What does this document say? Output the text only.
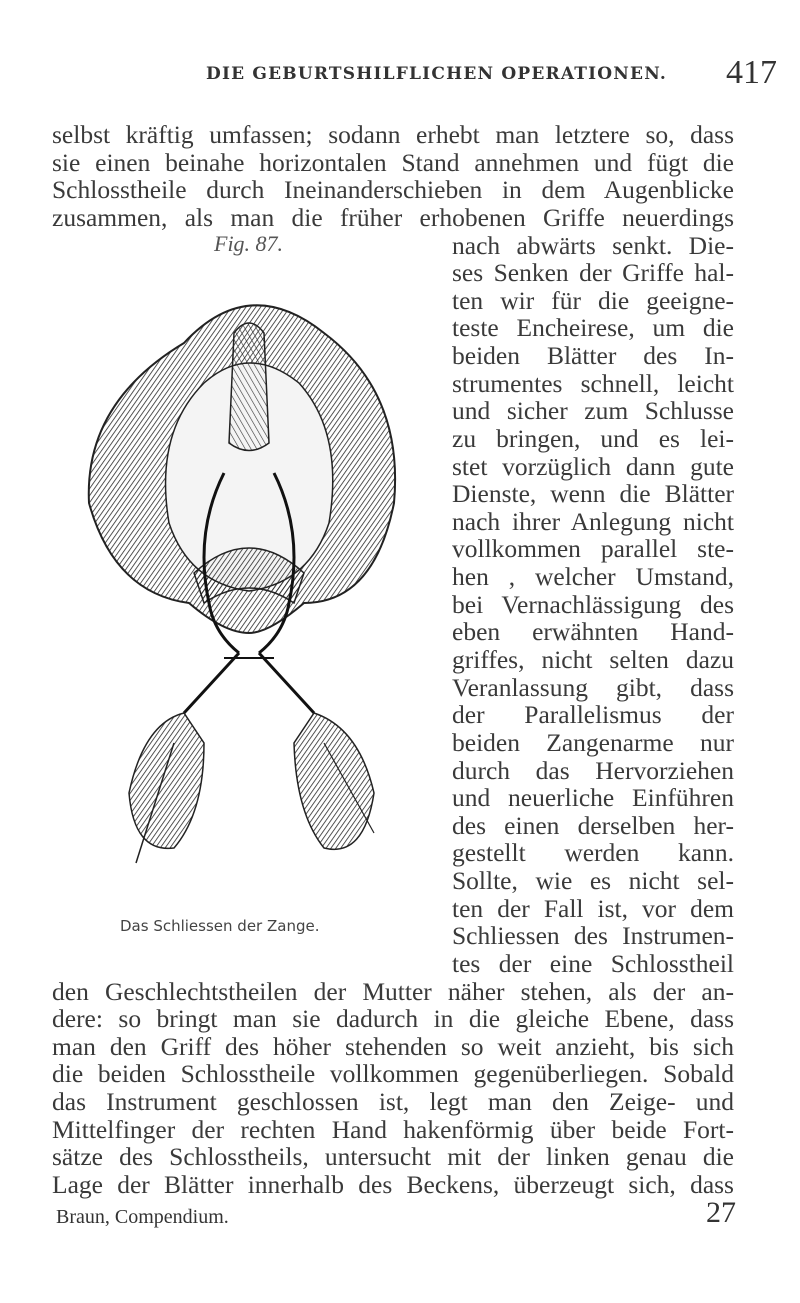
DIE GEBURTSHILFLICHEN OPERATIONEN. 417
selbst kräftig umfassen; sodann erhebt man letztere so, dass
sie einen beinahe horizontalen Stand annehmen und fügt die
Schlosstheile durch Ineinanderschieben in dem Augenblicke
zusammen, als man die früher erhobenen Griffe neuerdings
nach abwärts senkt. Die-
ses Senken der Griffe hal-
ten wir für die geeigne-
teste Encheirese, um die
beiden Blätter des In-
strumentes schnell, leicht
und sicher zum Schlusse
zu bringen, und es lei-
stet vorzüglich dann gute
Dienste, wenn die Blätter
nach ihrer Anlegung nicht
vollkommen parallel ste-
hen , welcher Umstand,
bei Vernachlässigung des
eben erwähnten Hand-
griffes, nicht selten dazu
Veranlassung gibt, dass
der Parallelismus der
beiden Zangenarme nur
durch das Hervorziehen
und neuerliche Einführen
des einen derselben her-
gestellt werden kann.
Sollte, wie es nicht sel-
ten der Fall ist, vor dem
Schliessen des Instrumen-
tes der eine Schlosstheil
den Geschlechtstheilen der Mutter näher stehen, als der an-
dere: so bringt man sie dadurch in die gleiche Ebene, dass
man den Griff des höher stehenden so weit anzieht, bis sich
die beiden Schlosstheile vollkommen gegenüberliegen. Sobald
das Instrument geschlossen ist, legt man den Zeige- und
Mittelfinger der rechten Hand hakenförmig über beide Fort-
sätze des Schlosstheils, untersucht mit der linken genau die
Lage der Blätter innerhalb des Beckens, überzeugt sich, dass
Fig. 87.
Das Schliessen der Zange.
Braun, Compendium.	27
